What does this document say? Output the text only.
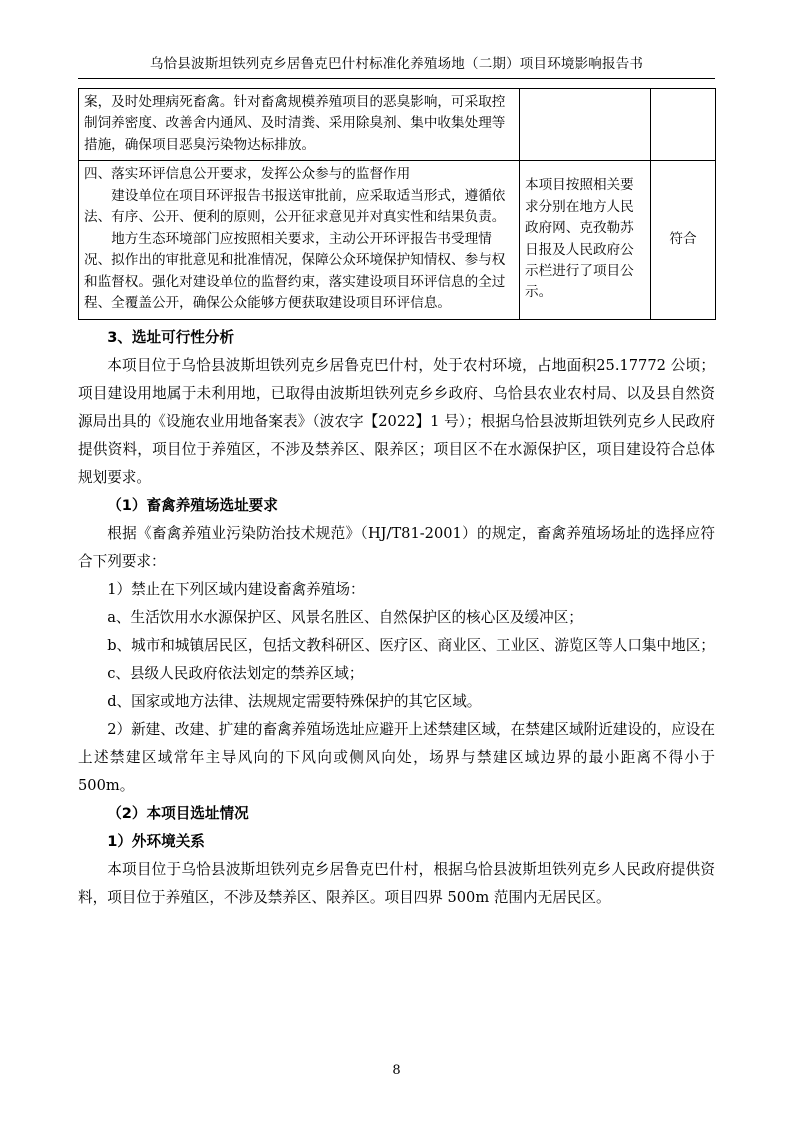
乌恰县波斯坦铁列克乡居鲁克巴什村标准化养殖场地（二期）项目环境影响报告书
案，及时处理病死畜禽。针对畜禽规模养殖项目的恶臭影响，可采取控制饲养密度、改善舍内通风、及时清粪、采用除臭剂、集中收集处理等措施，确保项目恶臭污染物达标排放。		

四、落实环评信息公开要求，发挥公众参与的监督作用
建设单位在项目环评报告书报送审批前，应采取适当形式，遵循依法、有序、公开、便利的原则，公开征求意见并对真实性和结果负责。
地方生态环境部门应按照相关要求，主动公开环评报告书受理情况、拟作出的审批意见和批准情况，保障公众环境保护知情权、参与权和监督权。强化对建设单位的监督约束，落实建设项目环评信息的全过程、全覆盖公开，确保公众能够方便获取建设项目环评信息。	本项目按照相关要求分别在地方人民政府网、克孜勒苏日报及人民政府公示栏进行了项目公示。	符合

3、选址可行性分析

本项目位于乌恰县波斯坦铁列克乡居鲁克巴什村，处于农村环境，占地面积25.17772 公顷；项目建设用地属于未利用地，已取得由波斯坦铁列克乡乡政府、乌恰县农业农村局、以及县自然资源局出具的《设施农业用地备案表》（波农字【2022】1 号）；根据乌恰县波斯坦铁列克乡人民政府提供资料，项目位于养殖区，不涉及禁养区、限养区；项目区不在水源保护区，项目建设符合总体规划要求。

（1）畜禽养殖场选址要求

根据《畜禽养殖业污染防治技术规范》（HJ/T81-2001）的规定，畜禽养殖场场址的选择应符合下列要求：

1）禁止在下列区域内建设畜禽养殖场：

a、生活饮用水水源保护区、风景名胜区、自然保护区的核心区及缓冲区；

b、城市和城镇居民区，包括文教科研区、医疗区、商业区、工业区、游览区等人口集中地区；

c、县级人民政府依法划定的禁养区域；

d、国家或地方法律、法规规定需要特殊保护的其它区域。

2）新建、改建、扩建的畜禽养殖场选址应避开上述禁建区域，在禁建区域附近建设的，应设在上述禁建区域常年主导风向的下风向或侧风向处，场界与禁建区域边界的最小距离不得小于500m。

（2）本项目选址情况

1）外环境关系

本项目位于乌恰县波斯坦铁列克乡居鲁克巴什村，根据乌恰县波斯坦铁列克乡人民政府提供资料，项目位于养殖区，不涉及禁养区、限养区。项目四界 500m 范围内无居民区。

8
